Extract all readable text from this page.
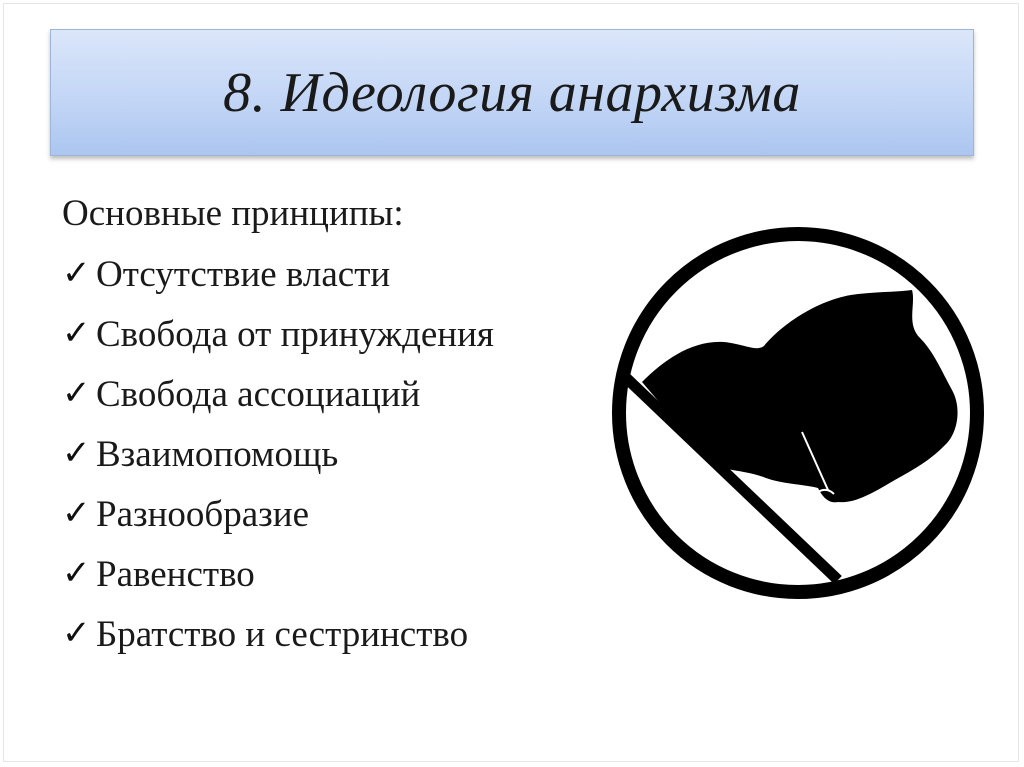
8. Идеология анархизма
Основные принципы:
✓ Отсутствие власти
✓ Свобода от принуждения
✓ Свобода ассоциаций
✓ Взаимопомощь
✓ Разнообразие
✓ Равенство
✓ Братство и сестринство
